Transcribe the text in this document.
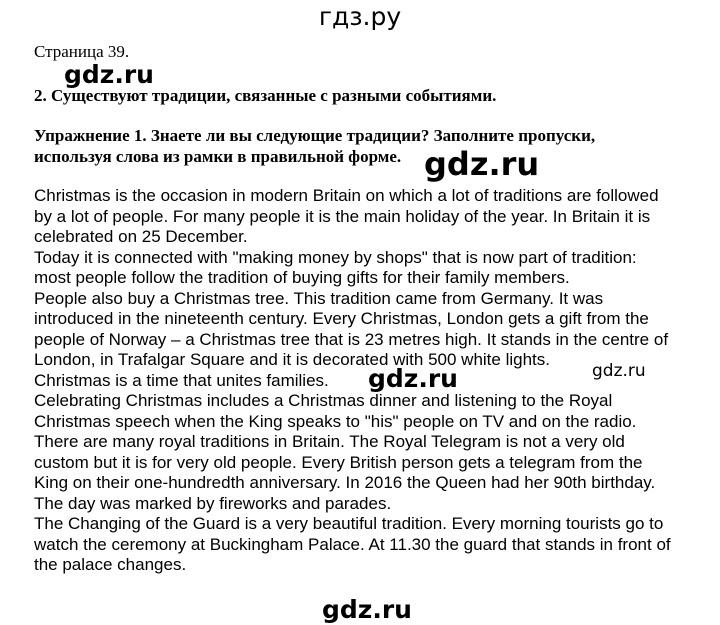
гдз.ру
Страница 39.
2. Существуют традиции, связанные с разными событиями.
Упражнение 1. Знаете ли вы следующие традиции? Заполните пропуски, используя слова из рамки в правильной форме.

Christmas is the occasion in modern Britain on which a lot of traditions are followed by a lot of people. For many people it is the main holiday of the year. In Britain it is celebrated on 25 December.

Today it is connected with "making money by shops" that is now part of tradition: most people follow the tradition of buying gifts for their family members.

People also buy a Christmas tree. This tradition came from Germany. It was introduced in the nineteenth century. Every Christmas, London gets a gift from the people of Norway – a Christmas tree that is 23 metres high. It stands in the centre of London, in Trafalgar Square and it is decorated with 500 white lights.

Christmas is a time that unites families.

Celebrating Christmas includes a Christmas dinner and listening to the Royal Christmas speech when the King speaks to "his" people on TV and on the radio.

There are many royal traditions in Britain. The Royal Telegram is not a very old custom but it is for very old people. Every British person gets a telegram from the King on their one-hundredth anniversary. In 2016 the Queen had her 90th birthday. The day was marked by fireworks and parades.

The Changing of the Guard is a very beautiful tradition. Every morning tourists go to watch the ceremony at Buckingham Palace. At 11.30 the guard that stands in front of the palace changes.

gdz.ru
gdz.ru
gdz.ru	gdz.ru
gdz.ru
